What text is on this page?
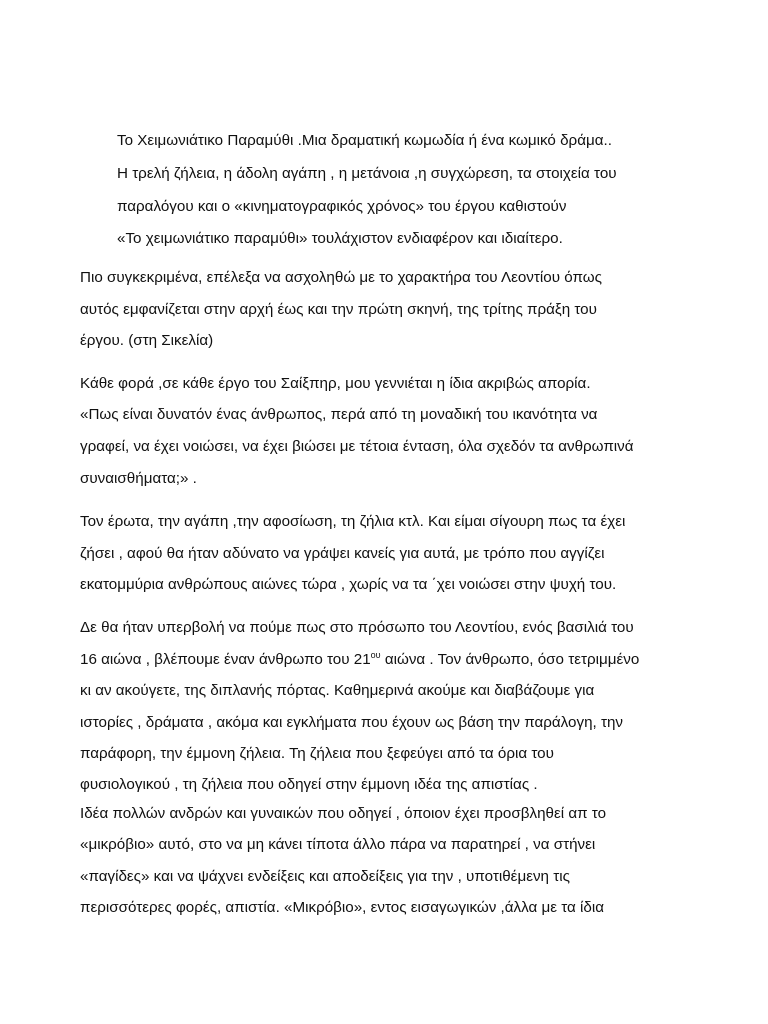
Το Χειμωνιάτικο Παραμύθι .Μια δραματική κωμωδία ή ένα κωμικό δράμα..
Η τρελή ζήλεια, η άδολη αγάπη , η μετάνοια ,η συγχώρεση, τα στοιχεία του
παραλόγου και ο «κινηματογραφικός χρόνος» του έργου καθιστούν
«Το χειμωνιάτικο παραμύθι» τουλάχιστον ενδιαφέρον και ιδιαίτερο.
Πιο συγκεκριμένα, επέλεξα να ασχοληθώ με το χαρακτήρα του Λεοντίου όπως
αυτός εμφανίζεται στην αρχή έως και την πρώτη σκηνή, της τρίτης πράξη του
έργου. (στη Σικελία)
Κάθε φορά ,σε κάθε έργο του Σαίξπηρ, μου γεννιέται η ίδια ακριβώς απορία.
«Πως είναι δυνατόν ένας άνθρωπος, περά από τη μοναδική του ικανότητα να
γραφεί, να έχει νοιώσει, να έχει βιώσει με τέτοια ένταση, όλα σχεδόν τα ανθρωπινά
συναισθήματα;» .
Τον έρωτα, την αγάπη ,την αφοσίωση, τη ζήλια κτλ. Και είμαι σίγουρη πως τα έχει
ζήσει , αφού θα ήταν αδύνατο να γράψει κανείς για αυτά, με τρόπο που αγγίζει
εκατομμύρια ανθρώπους αιώνες τώρα , χωρίς να τα ΄χει νοιώσει στην ψυχή του.
Δε θα ήταν υπερβολή να πούμε πως στο πρόσωπο του Λεοντίου, ενός βασιλιά του
16 αιώνα , βλέπουμε έναν άνθρωπο του $21^{o\upsilon}$ αιώνα . Τον άνθρωπο, όσο τετριμμένο
κι αν ακούγετε, της διπλανής πόρτας. Καθημερινά ακούμε και διαβάζουμε για
ιστορίες , δράματα , ακόμα και εγκλήματα που έχουν ως βάση την παράλογη, την
παράφορη, την έμμονη ζήλεια. Τη ζήλεια που ξεφεύγει από τα όρια του
φυσιολογικού , τη ζήλεια που οδηγεί στην έμμονη ιδέα της απιστίας .
Ιδέα πολλών ανδρών και γυναικών που οδηγεί , όποιον έχει προσβληθεί απ το
«μικρόβιο» αυτό, στο να μη κάνει τίποτα άλλο πάρα να παρατηρεί , να στήνει
«παγίδες» και να ψάχνει ενδείξεις και αποδείξεις για την , υποτιθέμενη τις
περισσότερες φορές, απιστία. «Μικρόβιο», εντος εισαγωγικών ,άλλα με τα ίδια
